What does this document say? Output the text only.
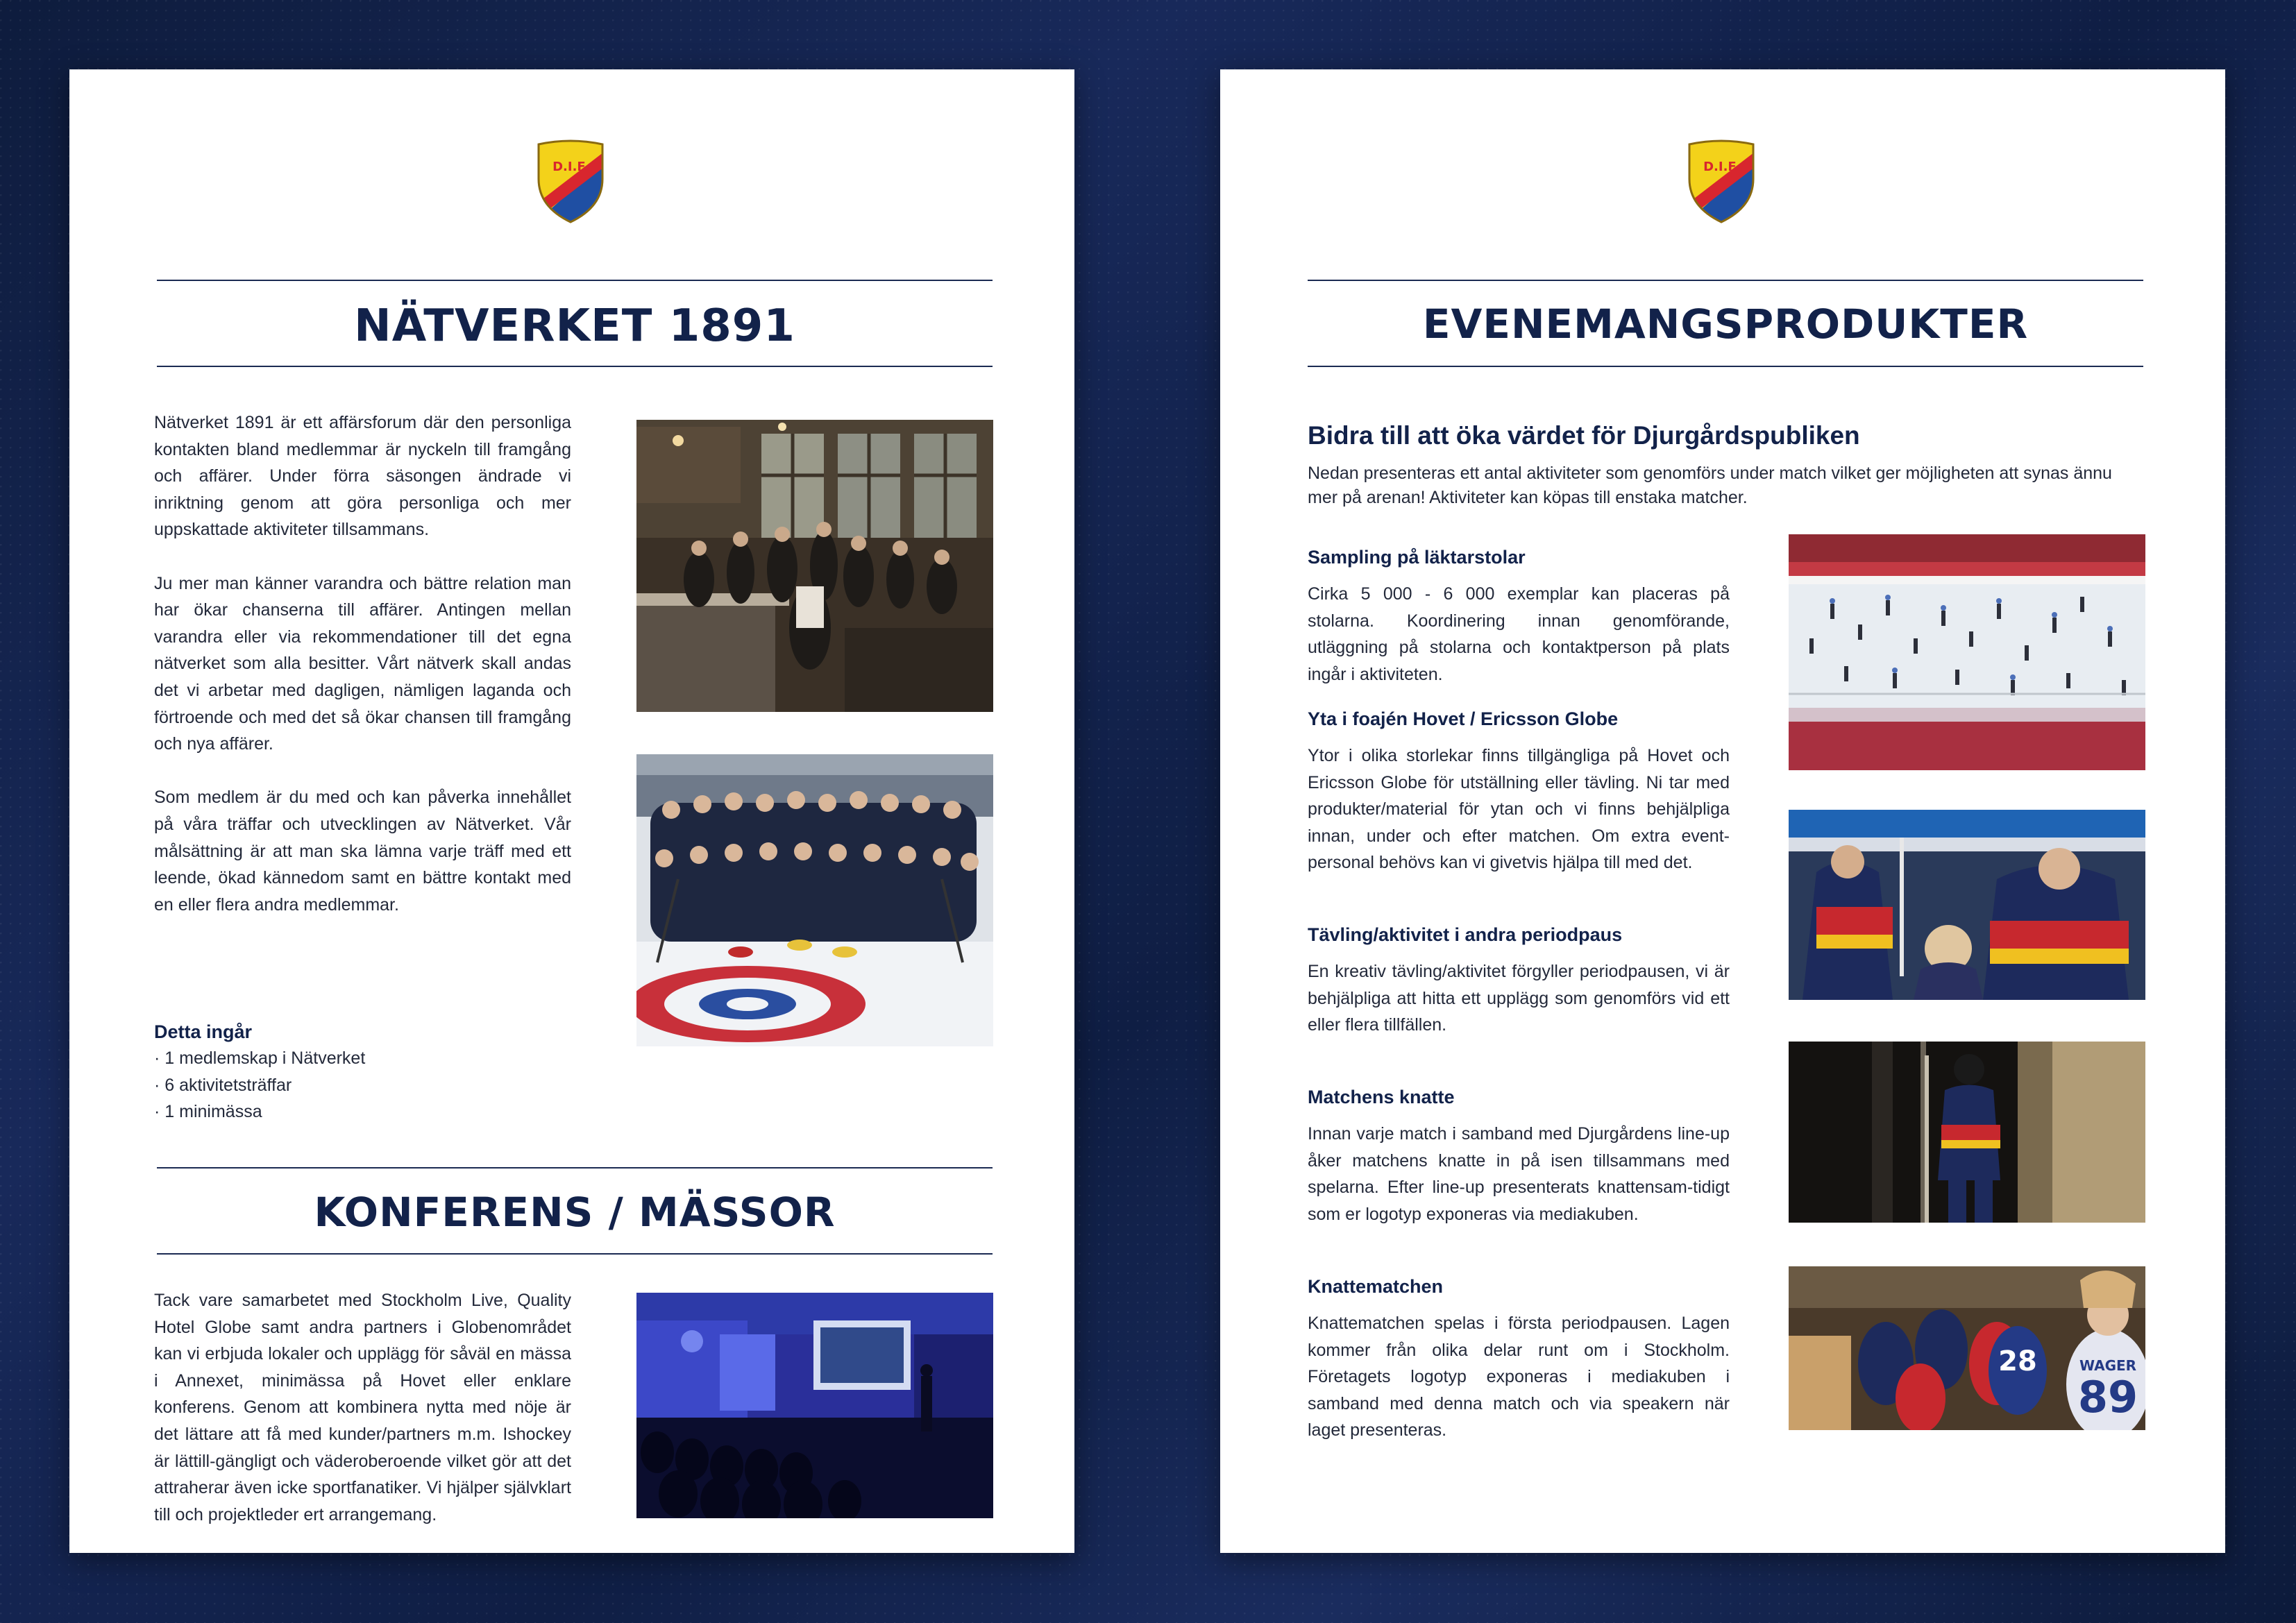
D.I.F.
NÄTVERKET 1891

Nätverket 1891 är ett affärsforum där den personliga kontakten bland medlemmar är nyckeln till framgång och affärer. Under förra säsongen ändrade vi inriktning genom att göra personliga och mer uppskattade aktiviteter tillsammans.

Ju mer man känner varandra och bättre relation man har ökar chanserna till affärer. Antingen mellan varandra eller via rekommendationer till det egna nätverket som alla besitter. Vårt nätverk skall andas det vi arbetar med dagligen, nämligen laganda och förtroende och med det så ökar chansen till framgång och nya affärer.

Som medlem är du med och kan påverka innehållet på våra träffar och utvecklingen av Nätverket. Vår målsättning är att man ska lämna varje träff med ett leende, ökad kännedom samt en bättre kontakt med en eller flera andra medlemmar.

Detta ingår
· 1 medlemskap i Nätverket
· 6 aktivitetsträffar
· 1 minimässa
KONFERENS / MÄSSOR
Tack vare samarbetet med Stockholm Live, Quality Hotel Globe samt andra partners i Globenområdet kan vi erbjuda lokaler och upplägg för såväl en mässa i Annexet, minimässa på Hovet eller enklare konferens. Genom att kombinera nytta med nöje är det lättare att få med kunder/partners m.m. Ishockey är lättill-gängligt och väderoberoende vilket gör att det attraherar även icke sportfanatiker. Vi hjälper självklart till och projektleder ert arrangemang.
D.I.F.
EVENEMANGSPRODUKTER
Bidra till att öka värdet för Djurgårdspubliken
Nedan presenteras ett antal aktiviteter som genomförs under match vilket ger möjligheten att synas ännu mer på arenan! Aktiviteter kan köpas till enstaka matcher.
Sampling på läktarstolar
Cirka 5 000 - 6 000 exemplar kan placeras på stolarna. Koordinering innan genomförande, utläggning på stolarna och kontaktperson på plats ingår i aktiviteten.
Yta i foajén Hovet / Ericsson Globe
Ytor i olika storlekar finns tillgängliga på Hovet och Ericsson Globe för utställning eller tävling. Ni tar med produkter/material för ytan och vi finns behjälpliga innan, under och efter matchen. Om extra event-personal behövs kan vi givetvis hjälpa till med det.
Tävling/aktivitet i andra periodpaus
En kreativ tävling/aktivitet förgyller periodpausen, vi är behjälpliga att hitta ett upplägg som genomförs vid ett eller flera tillfällen.
Matchens knatte
Innan varje match i samband med Djurgårdens line-up åker matchens knatte in på isen tillsammans med spelarna. Efter line-up presenterats knattensam-tidigt som er logotyp exponeras via mediakuben.
Knattematchen
Knattematchen spelas i första periodpausen. Lagen kommer från olika delar runt om i Stockholm. Företagets logotyp exponeras i mediakuben i samband med denna match och via speakern när laget presenteras.
28	WAGER
89
